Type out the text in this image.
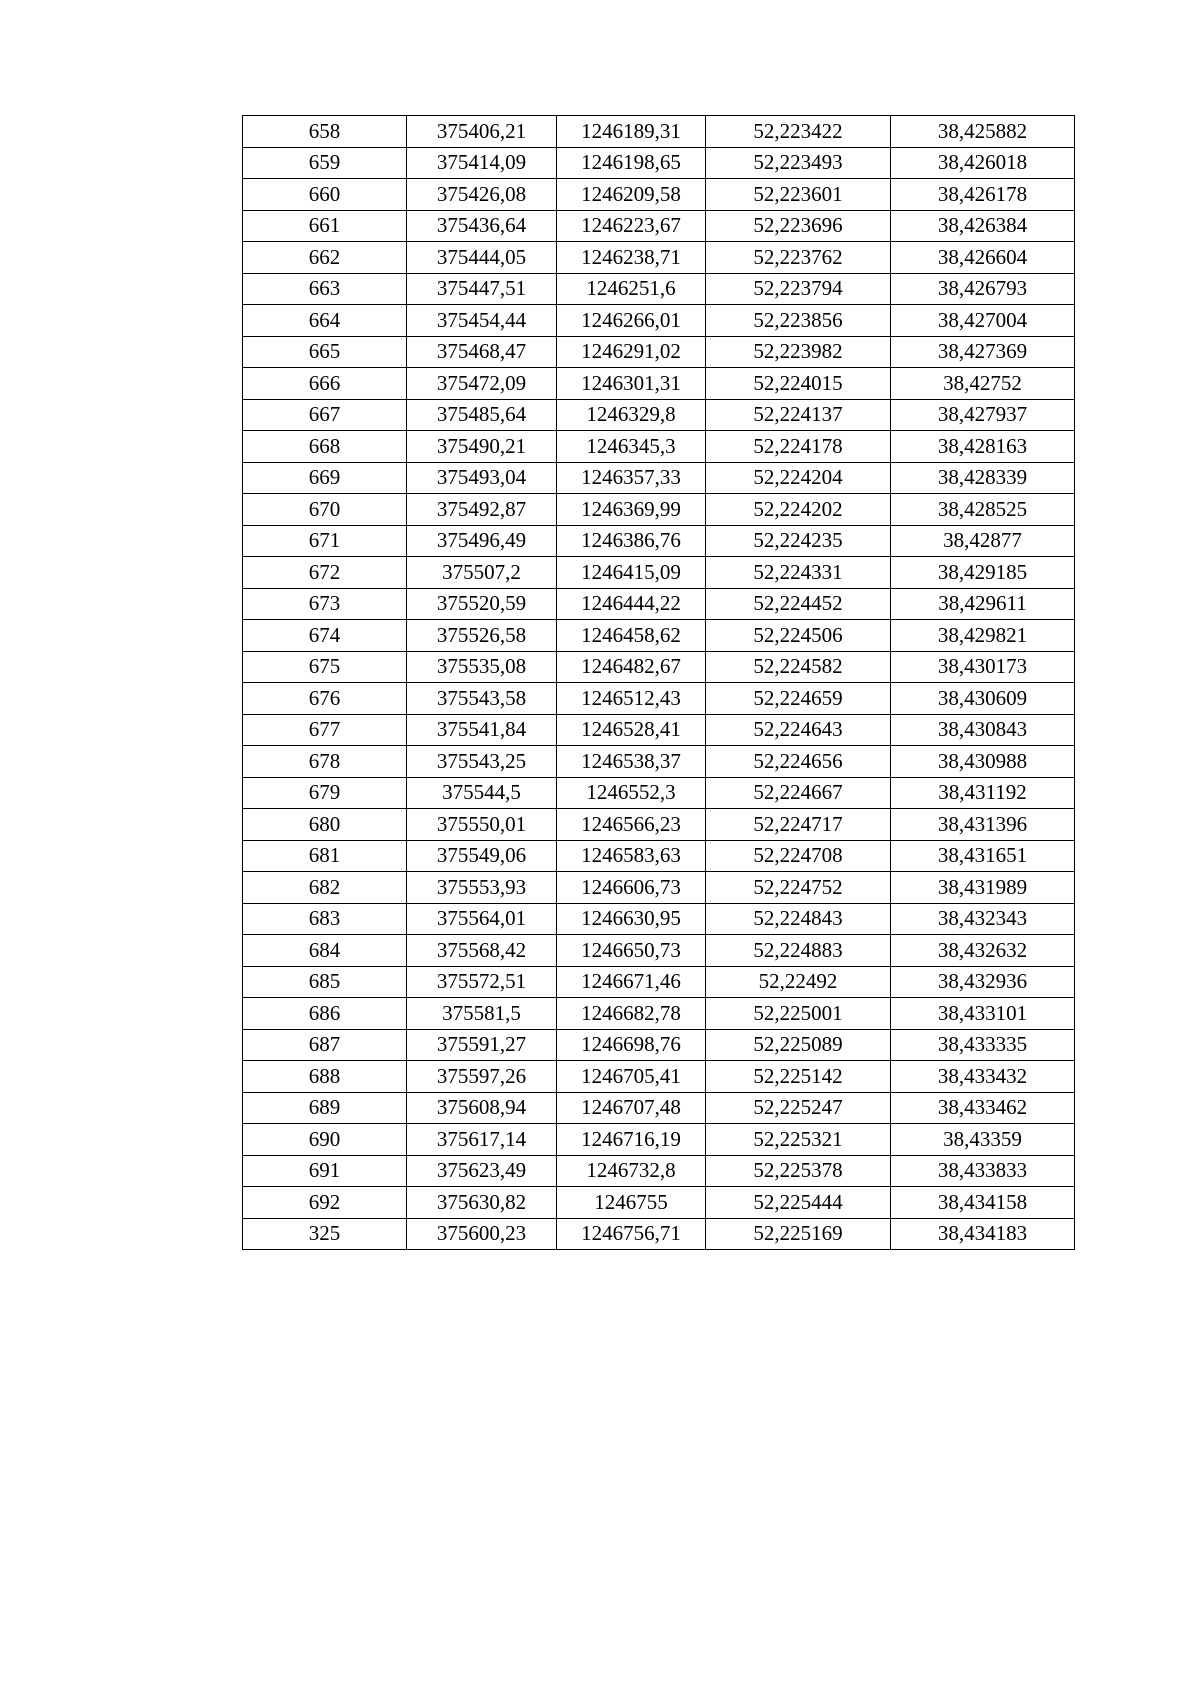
658	375406,21	1246189,31	52,223422	38,425882
659	375414,09	1246198,65	52,223493	38,426018
660	375426,08	1246209,58	52,223601	38,426178
661	375436,64	1246223,67	52,223696	38,426384
662	375444,05	1246238,71	52,223762	38,426604
663	375447,51	1246251,6	52,223794	38,426793
664	375454,44	1246266,01	52,223856	38,427004
665	375468,47	1246291,02	52,223982	38,427369
666	375472,09	1246301,31	52,224015	38,42752
667	375485,64	1246329,8	52,224137	38,427937
668	375490,21	1246345,3	52,224178	38,428163
669	375493,04	1246357,33	52,224204	38,428339
670	375492,87	1246369,99	52,224202	38,428525
671	375496,49	1246386,76	52,224235	38,42877
672	375507,2	1246415,09	52,224331	38,429185
673	375520,59	1246444,22	52,224452	38,429611
674	375526,58	1246458,62	52,224506	38,429821
675	375535,08	1246482,67	52,224582	38,430173
676	375543,58	1246512,43	52,224659	38,430609
677	375541,84	1246528,41	52,224643	38,430843
678	375543,25	1246538,37	52,224656	38,430988
679	375544,5	1246552,3	52,224667	38,431192
680	375550,01	1246566,23	52,224717	38,431396
681	375549,06	1246583,63	52,224708	38,431651
682	375553,93	1246606,73	52,224752	38,431989
683	375564,01	1246630,95	52,224843	38,432343
684	375568,42	1246650,73	52,224883	38,432632
685	375572,51	1246671,46	52,22492	38,432936
686	375581,5	1246682,78	52,225001	38,433101
687	375591,27	1246698,76	52,225089	38,433335
688	375597,26	1246705,41	52,225142	38,433432
689	375608,94	1246707,48	52,225247	38,433462
690	375617,14	1246716,19	52,225321	38,43359
691	375623,49	1246732,8	52,225378	38,433833
692	375630,82	1246755	52,225444	38,434158
325	375600,23	1246756,71	52,225169	38,434183
